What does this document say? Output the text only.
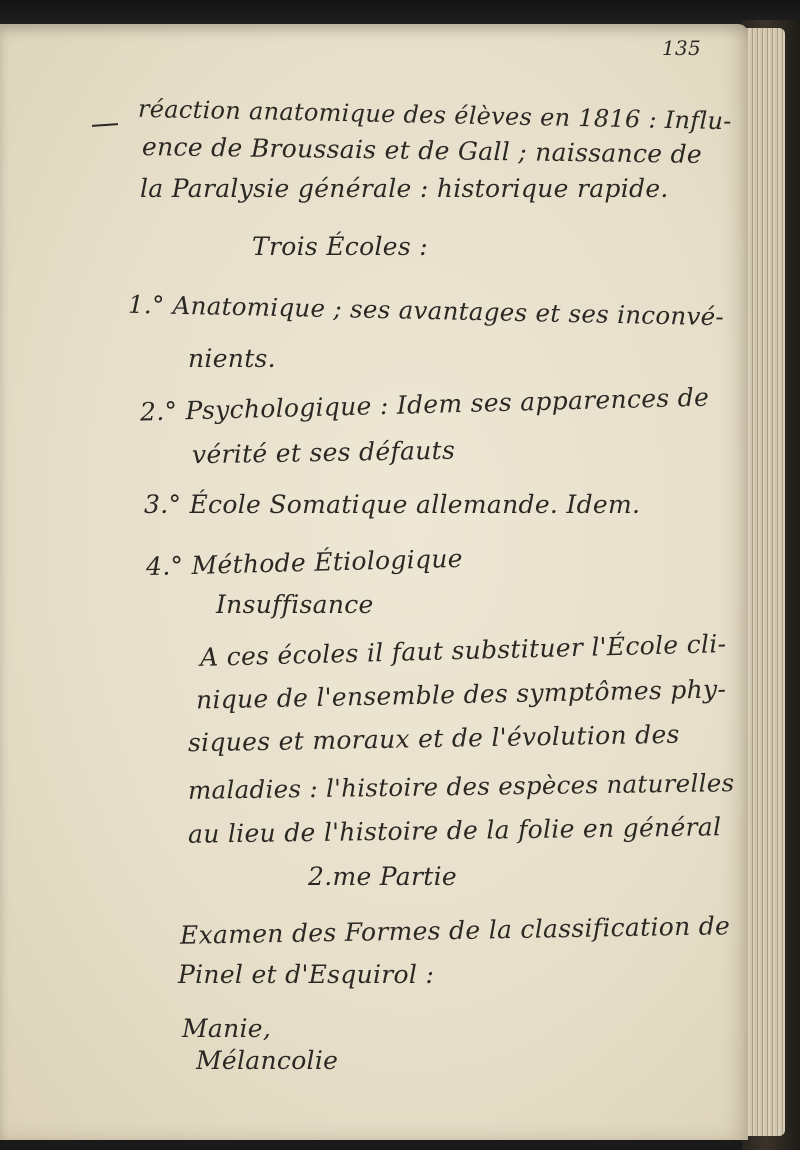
135
réaction anatomique des élèves en 1816 : Influ-
ence de Broussais et de Gall ; naissance de
la Paralysie générale : historique rapide.
Trois Écoles :
1.° Anatomique ; ses avantages et ses inconvé-
nients.
2.° Psychologique : Idem ses apparences de
vérité et ses défauts
3.° École Somatique allemande. Idem.
4.° Méthode Étiologique
Insuffisance
A ces écoles il faut substituer l'École cli-
nique de l'ensemble des symptômes phy-
siques et moraux et de l'évolution des
maladies : l'histoire des espèces naturelles
au lieu de l'histoire de la folie en général
2.me Partie
Examen des Formes de la classification de
Pinel et d'Esquirol :
Manie,
Mélancolie
